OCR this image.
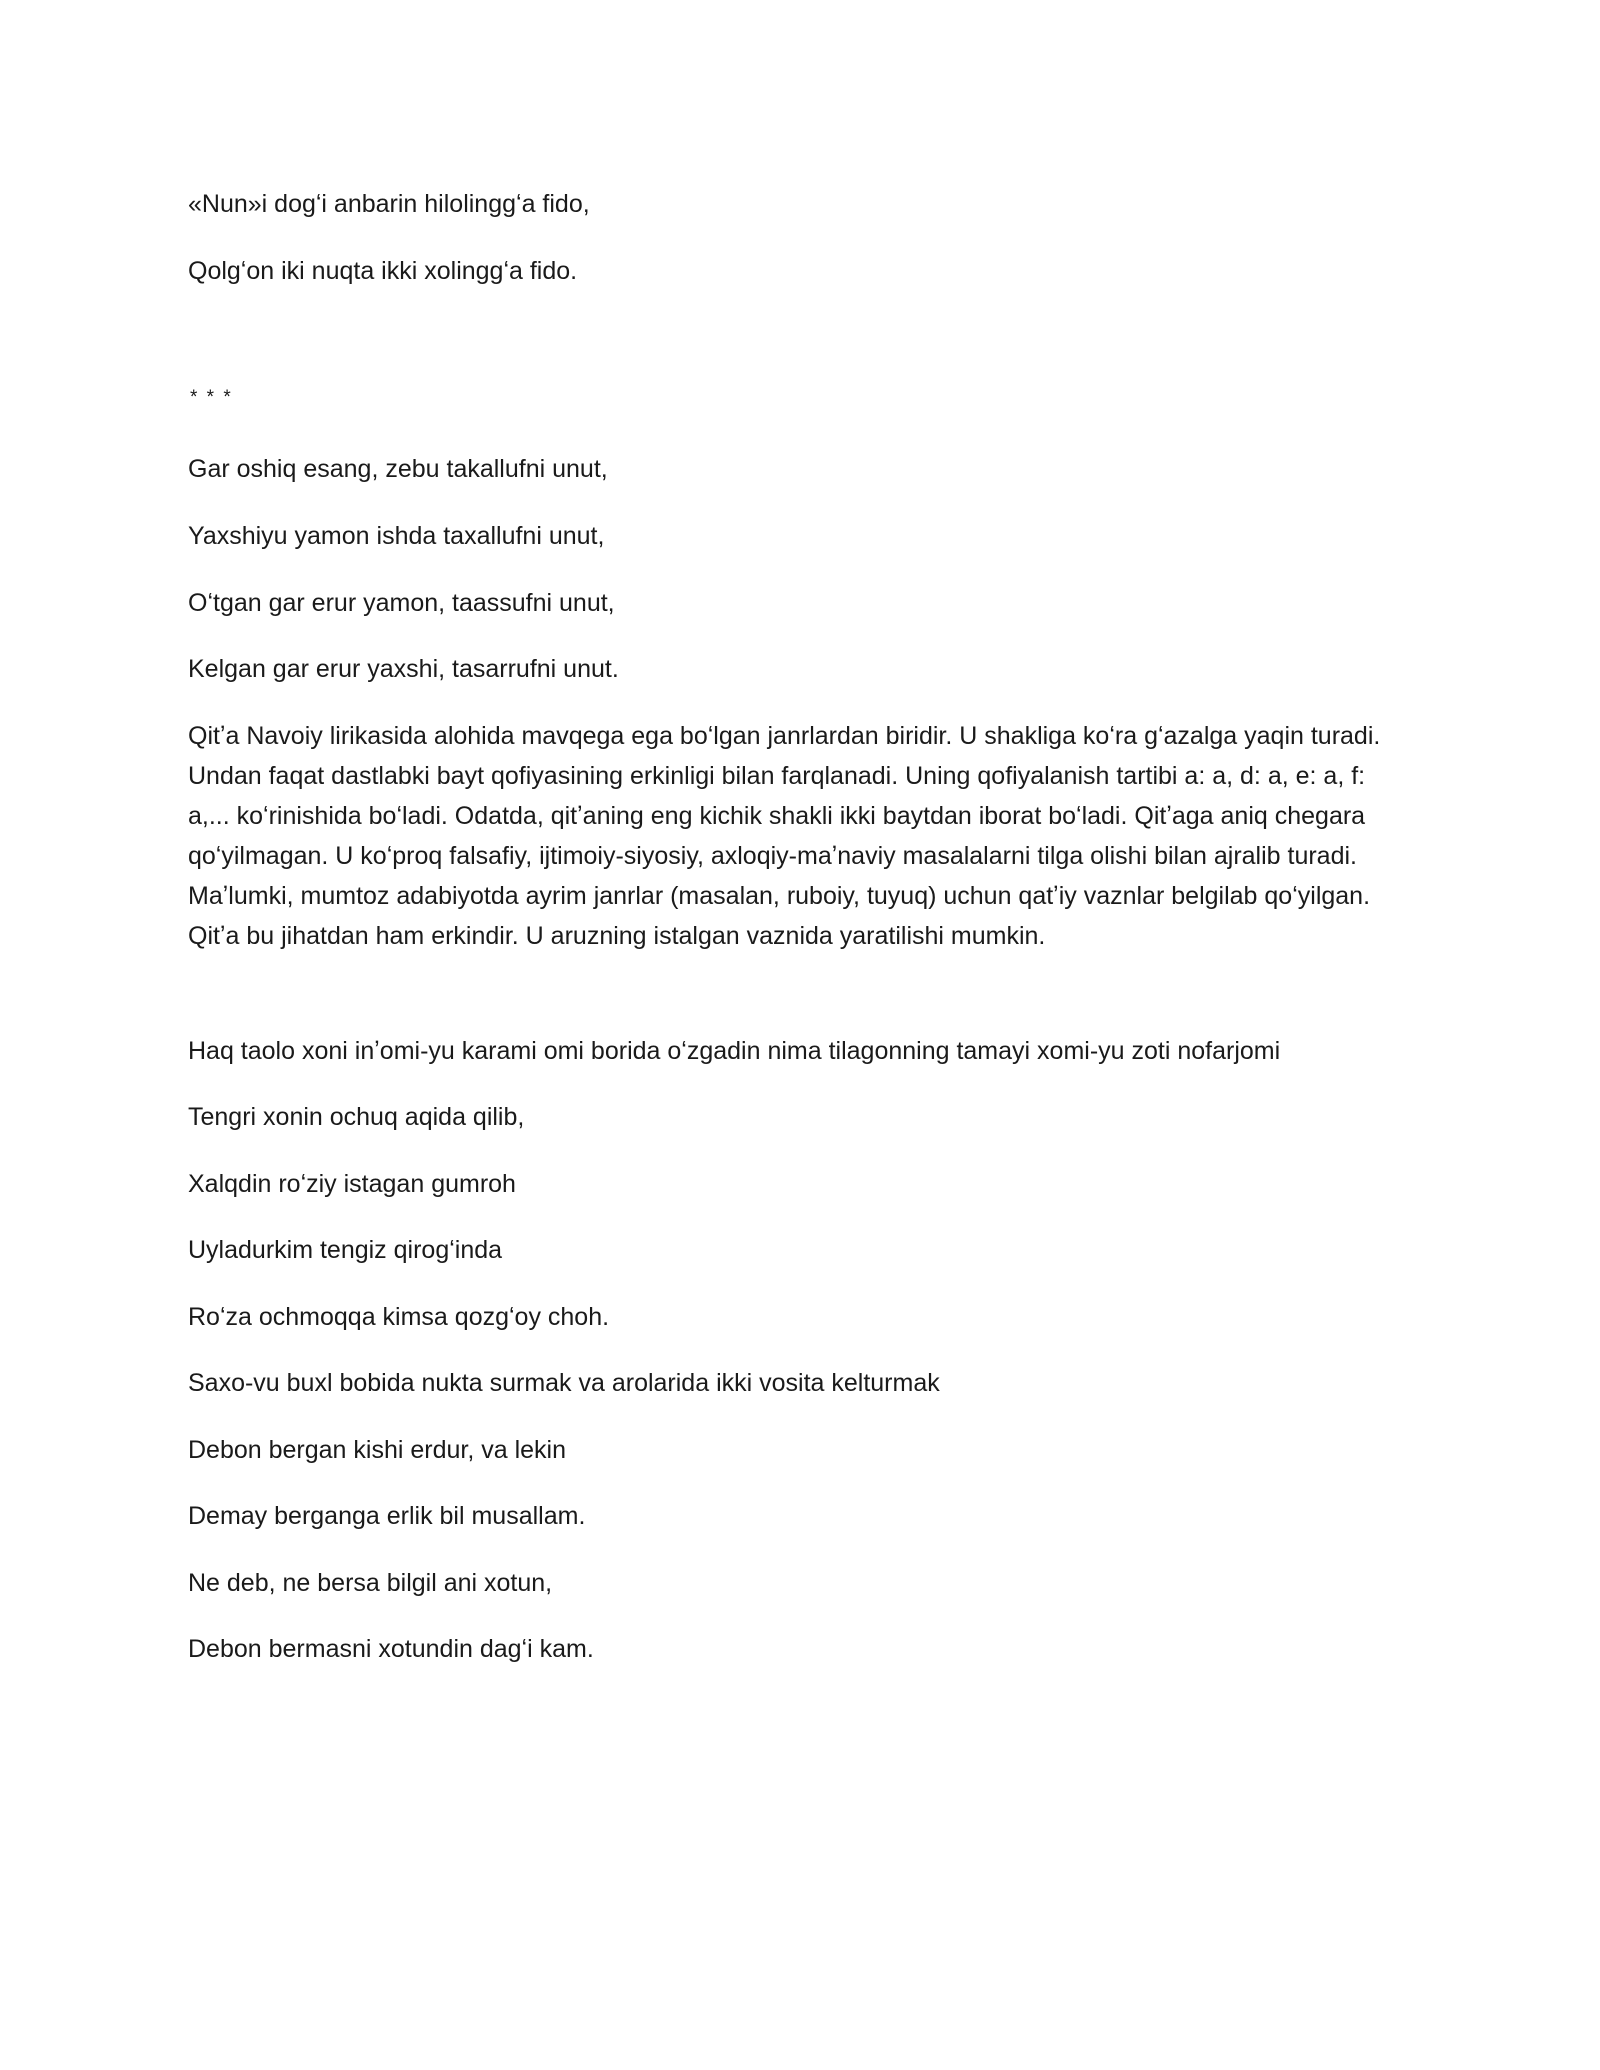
«Nun»i dogʻi anbarin hilolinggʻa fido,

Qolgʻon iki nuqta ikki xolinggʻa fido.

* * *

Gar oshiq esang, zebu takallufni unut,

Yaxshiyu yamon ishda taxallufni unut,

Oʻtgan gar erur yamon, taassufni unut,

Kelgan gar erur yaxshi, tasarrufni unut.

Qitʼa Navoiy lirikasida alohida mavqega ega boʻlgan janrlardan biridir. U shakliga koʻra gʻazalga yaqin turadi. Undan faqat dastlabki bayt qofiyasining erkinligi bilan farqlanadi. Uning qofiyalanish tartibi a: a, d: a, e: a, f: a,... koʻrinishida boʻladi. Odatda, qitʼaning eng kichik shakli ikki baytdan iborat boʻladi. Qitʼaga aniq chegara qoʻyilmagan. U koʻproq falsafiy, ijtimoiy-siyosiy, axloqiy-maʼnaviy masalalarni tilga olishi bilan ajralib turadi. Maʼlumki, mumtoz adabiyotda ayrim janrlar (masalan, ruboiy, tuyuq) uchun qatʼiy vaznlar belgilab qoʻyilgan. Qitʼa bu jihatdan ham erkindir. U aruzning istalgan vaznida yaratilishi mumkin.

Haq taolo xoni inʼomi-yu karami omi borida oʻzgadin nima tilagonning tamayi xomi-yu zoti nofarjomi

Tengri xonin ochuq aqida qilib,

Xalqdin roʻziy istagan gumroh

Uyladurkim tengiz qirogʻinda

Roʻza ochmoqqa kimsa qozgʻoy choh.

Saxo-vu buxl bobida nukta surmak va arolarida ikki vosita kelturmak

Debon bergan kishi erdur, va lekin

Demay berganga erlik bil musallam.

Ne deb, ne bersa bilgil ani xotun,

Debon bermasni xotundin dagʻi kam.
